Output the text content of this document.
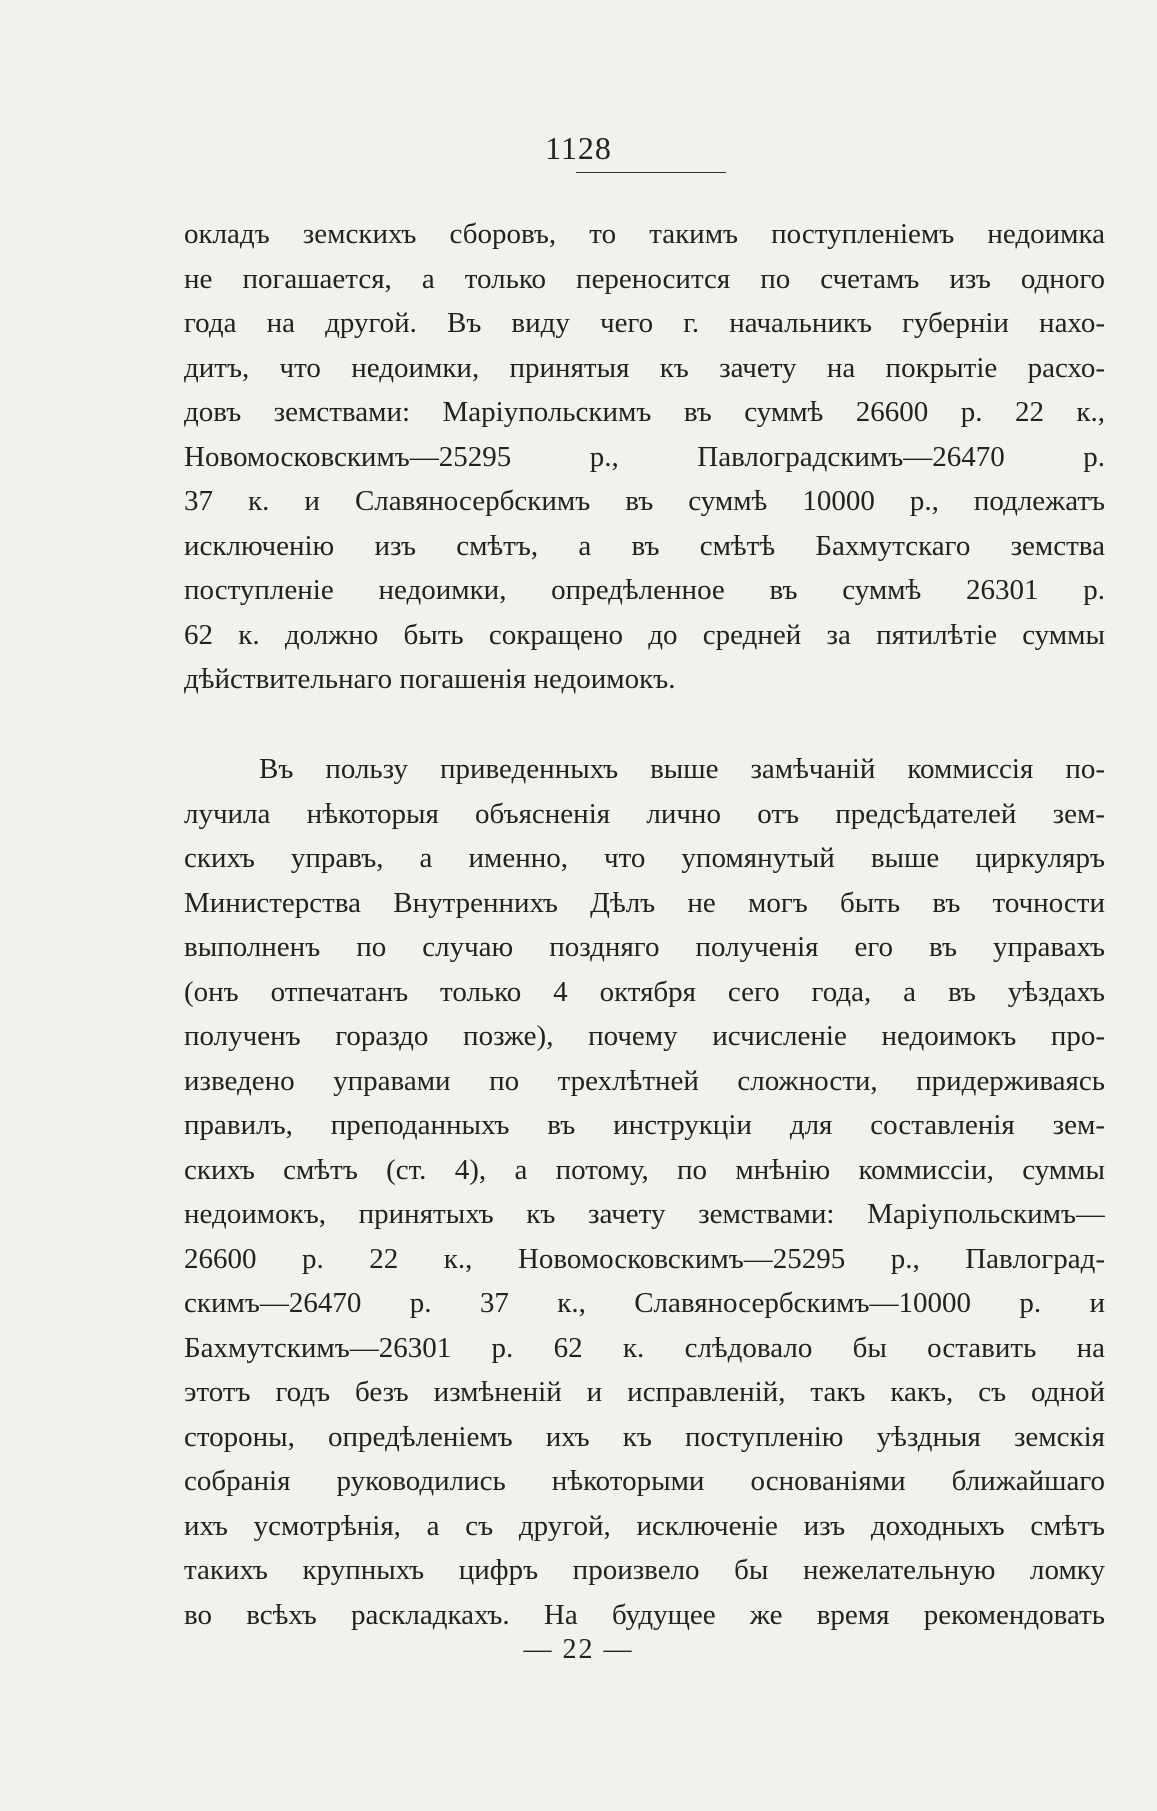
1128
окладъ земскихъ сборовъ, то такимъ поступленіемъ недоимка
не погашается, а только переносится по счетамъ изъ одного
года на другой. Въ виду чего г. начальникъ губерніи нахо-
дитъ, что недоимки, принятыя къ зачету на покрытіе расхо-
довъ земствами: Маріупольскимъ въ суммѣ 26600 р. 22 к.,
Новомосковскимъ—25295 р., Павлоградскимъ—26470 р.
37 к. и Славяносербскимъ въ суммѣ 10000 р., подлежатъ
исключенію изъ смѣтъ, а въ смѣтѣ Бахмутскаго земства
поступленіе недоимки, опредѣленное въ суммѣ 26301 р.
62 к. должно быть сокращено до средней за пятилѣтіе суммы
дѣйствительнаго погашенія недоимокъ.
Въ пользу приведенныхъ выше замѣчаній коммиссія по-
лучила нѣкоторыя объясненія лично отъ предсѣдателей зем-
скихъ управъ, а именно, что упомянутый выше циркуляръ
Министерства Внутреннихъ Дѣлъ не могъ быть въ точности
выполненъ по случаю поздняго полученія его въ управахъ
(онъ отпечатанъ только 4 октября сего года, а въ уѣздахъ
полученъ гораздо позже), почему исчисленіе недоимокъ про-
изведено управами по трехлѣтней сложности, придерживаясь
правилъ, преподанныхъ въ инструкціи для составленія зем-
скихъ смѣтъ (ст. 4), а потому, по мнѣнію коммиссіи, суммы
недоимокъ, принятыхъ къ зачету земствами: Маріупольскимъ—
26600 р. 22 к., Новомосковскимъ—25295 р., Павлоград-
скимъ—26470 р. 37 к., Славяносербскимъ—10000 р. и
Бахмутскимъ—26301 р. 62 к. слѣдовало бы оставить на
этотъ годъ безъ измѣненій и исправленій, такъ какъ, съ одной
стороны, опредѣленіемъ ихъ къ поступленію уѣздныя земскія
собранія руководились нѣкоторыми основаніями ближайшаго
ихъ усмотрѣнія, а съ другой, исключеніе изъ доходныхъ смѣтъ
такихъ крупныхъ цифръ произвело бы нежелательную ломку
во всѣхъ раскладкахъ. На будущее же время рекомендовать
— 22 —
